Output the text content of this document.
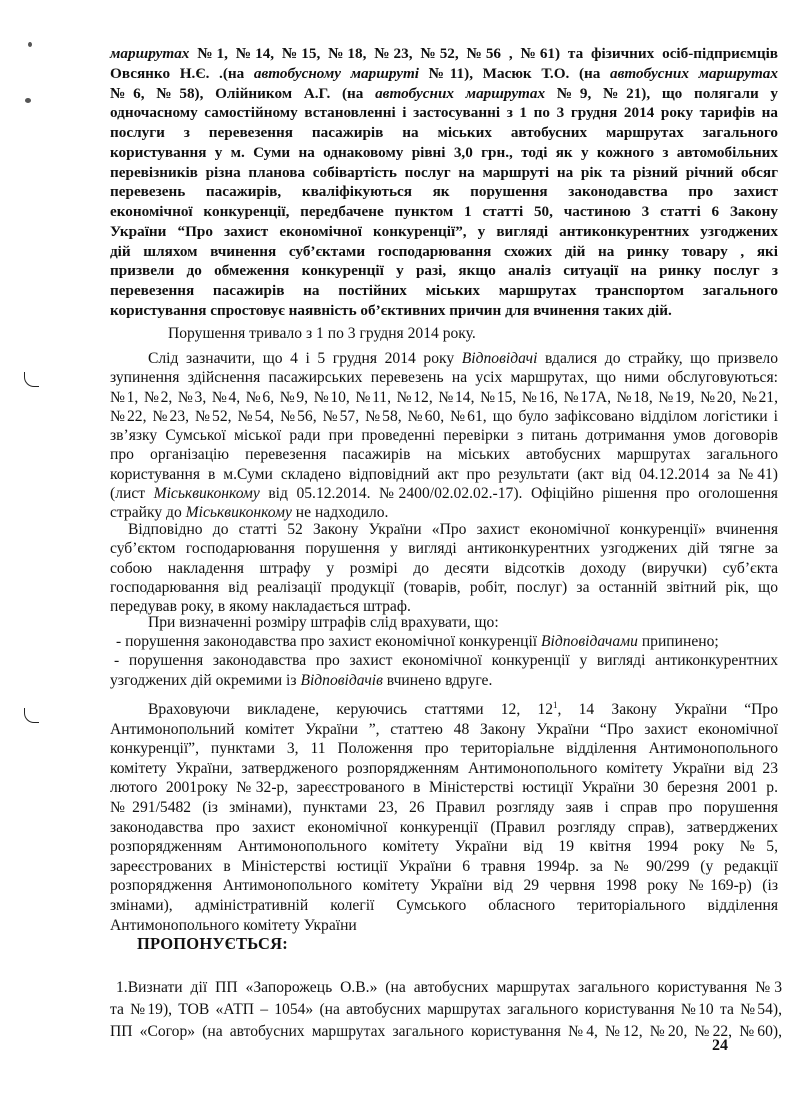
маршрутах №1, №14, №15, №18, №23, №52, №56 , №61) та фізичних осіб-підприємців
Овсянко Н.Є. .(на автобусному маршруті №11), Масюк Т.О. (на автобусних маршрутах
№6, №58), Олійником А.Г. (на автобусних маршрутах №9, №21), що полягали у
одночасному самостійному встановленні і застосуванні з 1 по 3 грудня 2014 року тарифів на
послуги з перевезення пасажирів на міських автобусних маршрутах загального
користування у м. Суми на однаковому рівні 3,0 грн., тоді як у кожного з автомобільних
перевізників різна планова собівартість послуг на маршруті на рік та різний річний обсяг
перевезень пасажирів, кваліфікуються як порушення законодавства про захист
економічної конкуренції, передбачене пунктом 1 статті 50, частиною 3 статті 6 Закону
України “Про захист економічної конкуренції”, у вигляді антиконкурентних узгоджених
дій шляхом вчинення суб’єктами господарювання схожих дій на ринку товару , які
призвели до обмеження конкуренції у разі, якщо аналіз ситуації на ринку послуг з
перевезення пасажирів на постійних міських маршрутах транспортом загального
користування спростовує наявність об’єктивних причин для вчинення таких дій.
Порушення тривало з 1 по 3 грудня 2014 року.
Слід зазначити, що 4 і 5 грудня 2014 року Відповідачі вдалися до страйку, що призвело
зупинення здійснення пасажирських перевезень на усіх маршрутах, що ними обслуговуються:
№1, №2, №3, №4, №6, №9, №10, №11, №12, №14, №15, №16, №17А, №18, №19, №20, №21,
№22, №23, №52, №54, №56, №57, №58, №60, №61, що було зафіксовано відділом логістики і
зв’язку Сумської міської ради при проведенні перевірки з питань дотримання умов договорів
про організацію перевезення пасажирів на міських автобусних маршрутах загального
користування в м.Суми складено відповідний акт про результати (акт від 04.12.2014 за №41)
(лист Міськвиконкому від 05.12.2014. №2400/02.02.02.-17). Офіційно рішення про оголошення
страйку до Міськвиконкому не надходило.
Відповідно до статті 52 Закону України «Про захист економічної конкуренції» вчинення
суб’єктом господарювання порушення у вигляді антиконкурентних узгоджених дій тягне за
собою накладення штрафу у розмірі до десяти відсотків доходу (виручки) суб’єкта
господарювання від реалізації продукції (товарів, робіт, послуг) за останній звітний рік, що
передував року, в якому накладається штраф.
При визначенні розміру штрафів слід врахувати, що:
- порушення законодавства про захист економічної конкуренції Відповідачами припинено;
- порушення законодавства про захист економічної конкуренції у вигляді антиконкурентних
узгоджених дій окремими із Відповідачів вчинено вдруге.
Враховуючи викладене, керуючись статтями 12, $12^1$, 14 Закону України “Про
Антимонопольний комітет України ”, статтею 48 Закону України “Про захист економічної
конкуренції”, пунктами 3, 11 Положення про територіальне відділення Антимонопольного
комітету України, затвердженого розпорядженням Антимонопольного комітету України від 23
лютого 2001року №32-р, зареєстрованого в Міністерстві юстиції України 30 березня 2001 р.
№291/5482 (із змінами), пунктами 23, 26 Правил розгляду заяв і справ про порушення
законодавства про захист економічної конкуренції (Правил розгляду справ), затверджених
розпорядженням Антимонопольного комітету України від 19 квітня 1994 року №5,
зареєстрованих в Міністерстві юстиції України 6 травня 1994р. за № 90/299 (у редакції
розпорядження Антимонопольного комітету України від 29 червня 1998 року №169-р) (із
змінами), адміністративній колегії Сумського обласного територіального відділення
Антимонопольного комітету України
ПРОПОНУЄТЬСЯ:
1.Визнати дії ПП «Запорожець О.В.» (на автобусних маршрутах загального користування №3
та №19), ТОВ «АТП – 1054» (на автобусних маршрутах загального користування №10 та №54),
ПП «Согор» (на автобусних маршрутах загального користування №4, №12, №20, №22, №60),
24
